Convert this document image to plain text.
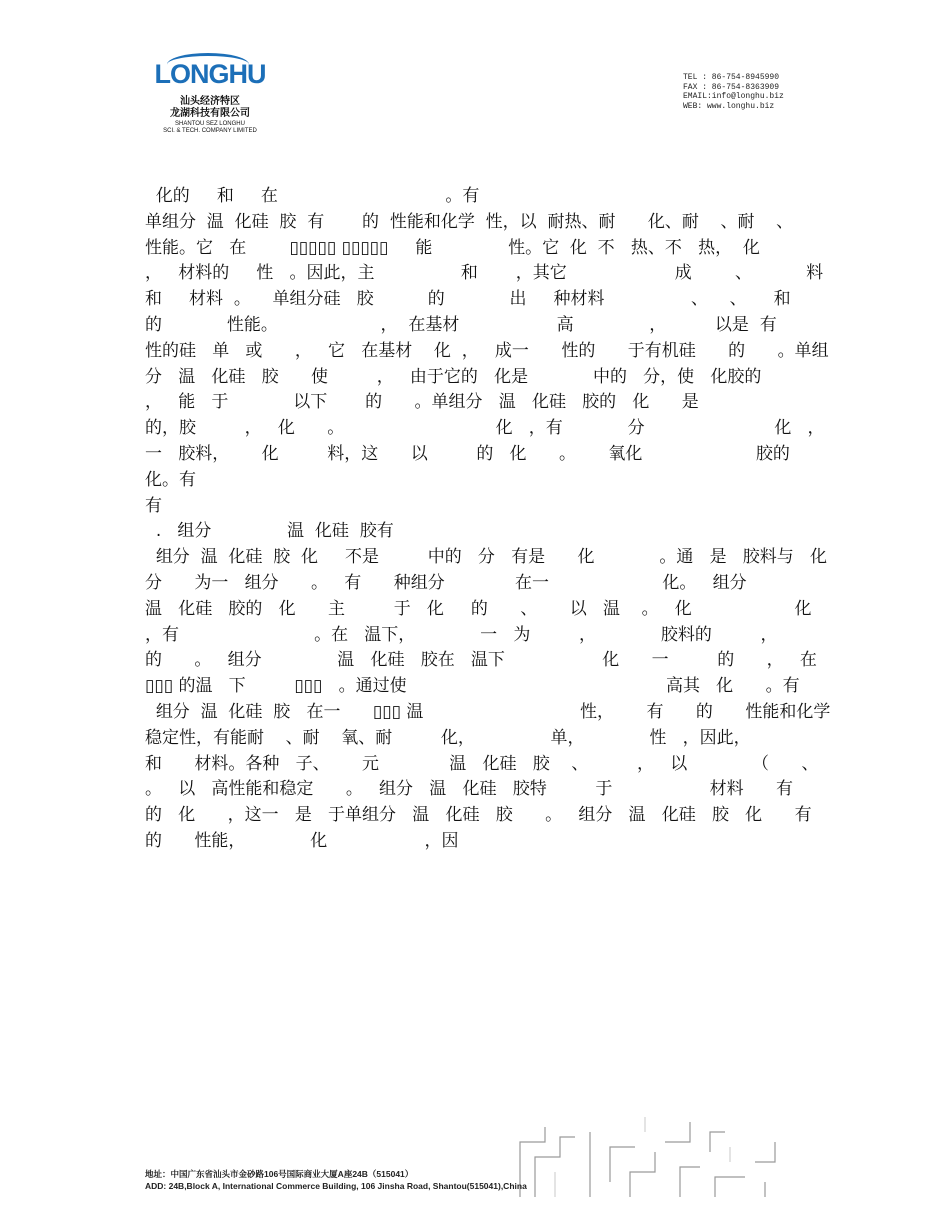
LONGHU
汕头经济特区
龙湖科技有限公司
SHANTOU SEZ LONGHU
SCI. & TECH. COMPANY LIMITED
TEL : 86-754-8945990
FAX : 86-754-8363909
EMAIL:info@longhu.biz
WEB: www.longhu.biz

化的     和     在                               。有

单组分  温  化硅  胶  有       的  性能和化学  性，以  耐热、耐      化、耐    、耐    、      性能。它   在        ▯▯▯▯▯ ▯▯▯▯▯     能              性。它  化  不   热、不   热，  化            ，   材料的     性   。因此，主                和       ，其它                    成        、          料和     材料  。    单组分硅   胶          的            出     种材料                、    、     和          的            性能。                   ，  在基材                  高              ，         以是  有         性的硅   单   或      ，   它   在基材    化  ，   成一      性的      于有机硅      的      。单组分   温   化硅   胶      使         ，   由于它的   化是            中的   分，使   化胶的              ，   能   于            以下       的      。单组分   温   化硅   胶的   化      是                              的，胶         ，   化      。                            化   ，有            分                        化   ，            一   胶料，      化         料，这      以         的   化      。      氧化                     胶的   化。有

有

.   组分              温  化硅  胶有

组分  温  化硅  胶  化     不是         中的   分   有是      化            。通   是   胶料与   化   分      为一   组分      。   有      种组分             在一                     化。   组分              温   化硅   胶的   化      主         于   化     的      、      以   温    。   化                   化      ，有                         。在   温下，            一   为         ，            胶料的         ，            的      。   组分              温   化硅   胶在   温下                  化      一         的      ，   在      ▯▯▯ 的温   下         ▯▯▯   。通过使                                                高其   化      。有

组分  温  化硅  胶   在一      ▯▯▯ 温                             性，      有      的      性能和化学稳定性，有能耐    、耐    氧、耐         化，              单，            性   ，因此，                  和      材料。各种   子、      元             温   化硅   胶    、         ，   以            （      、                        。   以   高性能和稳定      。   组分   温   化硅   胶特         于                  材料      有      的   化      ，这一   是   于单组分   温   化硅   胶      。   组分   温   化硅   胶   化      有      的      性能，            化                  ，因

地址：中国广东省汕头市金砂路106号国际商业大厦A座24B（515041）
ADD: 24B,Block A, International Commerce Building, 106 Jinsha Road, Shantou(515041),China
